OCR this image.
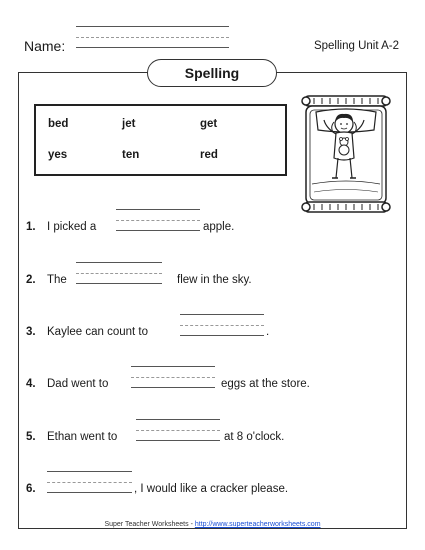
Name:	Spelling Unit A-2
Spelling
bed	jet	get
yes	ten	red
1. I picked a	apple.
2. The	flew in the sky.
3. Kaylee can count to	.
4. Dad went to	eggs at the store.
5. Ethan went to	at 8 o'clock.
6.	, I would like a cracker please.
Super Teacher Worksheets - http://www.superteacherworksheets.com
